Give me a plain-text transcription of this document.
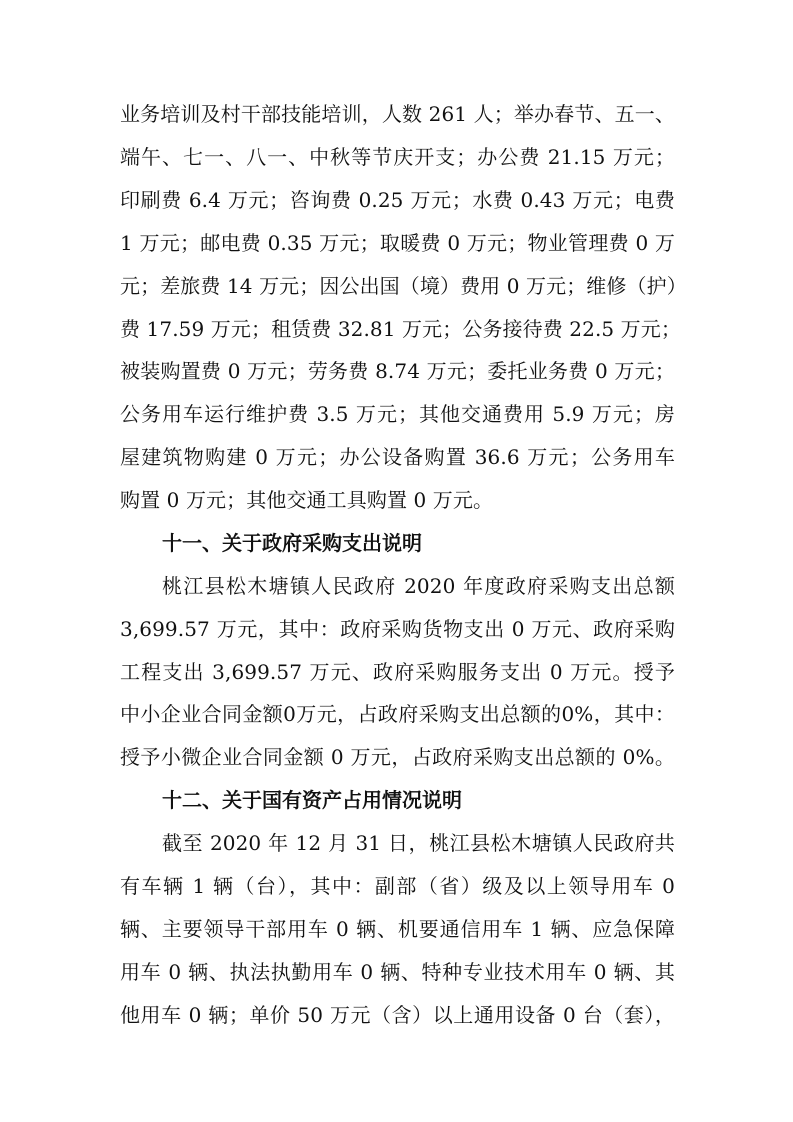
业务培训及村干部技能培训，人数 261 人；举办春节、五一、
端午、七一、八一、中秋等节庆开支；办公费 21.15 万元；
印刷费 6.4 万元；咨询费 0.25 万元；水费 0.43 万元；电费
1 万元；邮电费 0.35 万元；取暖费 0 万元；物业管理费 0 万
元；差旅费 14 万元；因公出国（境）费用 0 万元；维修（护）
费 17.59 万元；租赁费 32.81 万元；公务接待费 22.5 万元；
被装购置费 0 万元；劳务费 8.74 万元；委托业务费 0 万元；
公务用车运行维护费 3.5 万元；其他交通费用 5.9 万元；房
屋建筑物购建 0 万元；办公设备购置 36.6 万元；公务用车
购置 0 万元；其他交通工具购置 0 万元。
十一、关于政府采购支出说明
桃江县松木塘镇人民政府 2020 年度政府采购支出总额
3,699.57 万元，其中：政府采购货物支出 0 万元、政府采购
工程支出 3,699.57 万元、政府采购服务支出 0 万元。授予
中小企业合同金额0万元，占政府采购支出总额的0%，其中：
授予小微企业合同金额 0 万元，占政府采购支出总额的 0%。
十二、关于国有资产占用情况说明
截至 2020 年 12 月 31 日，桃江县松木塘镇人民政府共
有车辆 1 辆（台），其中：副部（省）级及以上领导用车 0
辆、主要领导干部用车 0 辆、机要通信用车 1 辆、应急保障
用车 0 辆、执法执勤用车 0 辆、特种专业技术用车 0 辆、其
他用车 0 辆；单价 50 万元（含）以上通用设备 0 台（套），
